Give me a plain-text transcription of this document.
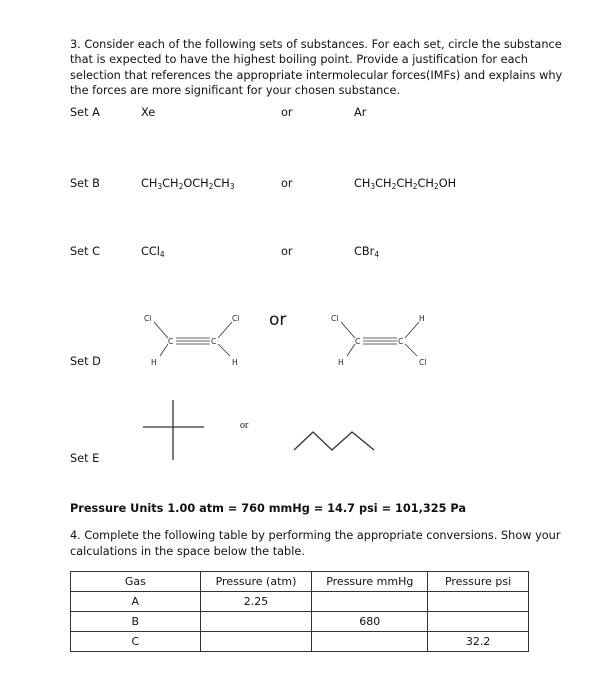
3. Consider each of the following sets of substances. For each set, circle the substance
that is expected to have the highest boiling point. Provide a justification for each
selection that references the appropriate intermolecular forces(IMFs) and explains why
the forces are more significant for your chosen substance.
Set A	Xe	or	Ar
Set B	$CH_3CH_2OCH_2CH_3$	or	$CH_3CH_2CH_2CH_2OH$
Set C	CCl$_4$	or	CBr$_4$
Set D
or
Cl
H
C	C
Cl
H
Cl
H
C	C
H
Cl
Set E
or
Pressure Units 1.00 atm = 760 mmHg = 14.7 psi = 101,325 Pa
4. Complete the following table by performing the appropriate conversions. Show your
calculations in the space below the table.
Gas	Pressure (atm)	Pressure mmHg	Pressure psi
A	2.25		
B		680	
C			32.2
